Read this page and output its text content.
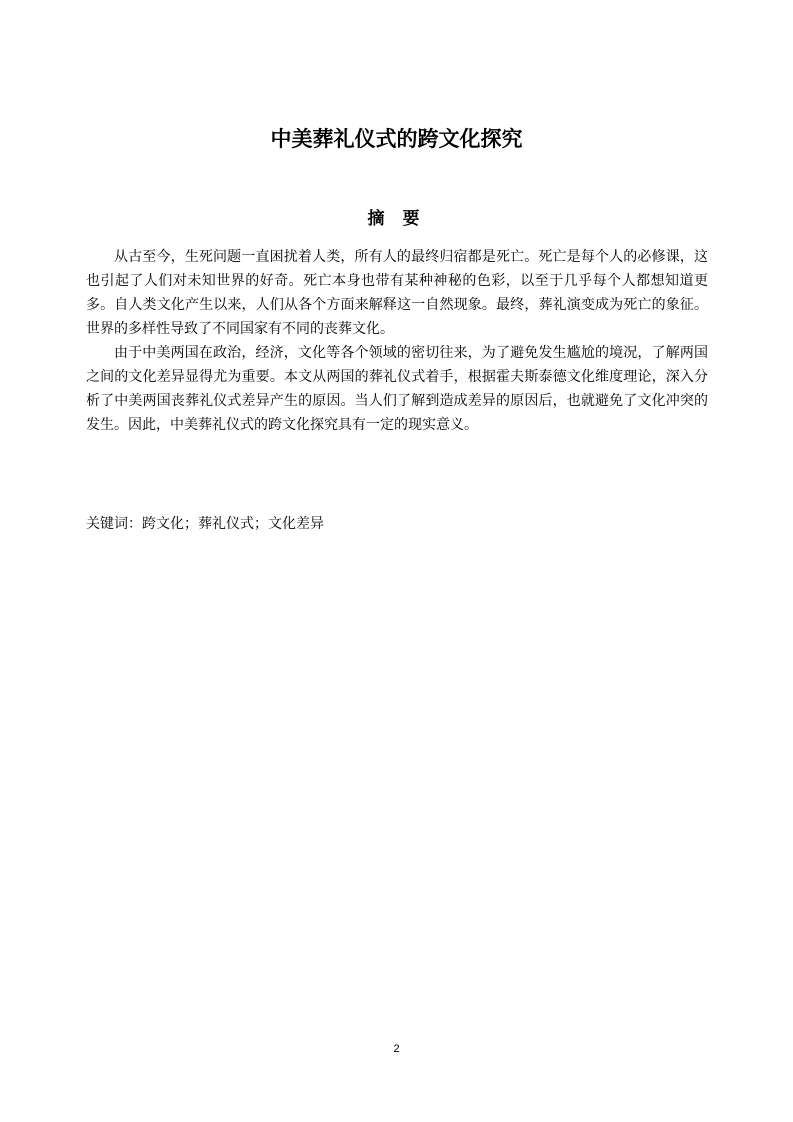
中美葬礼仪式的跨文化探究
摘 要

从古至今，生死问题一直困扰着人类，所有人的最终归宿都是死亡。死亡是每个人的必修课，这也引起了人们对未知世界的好奇。死亡本身也带有某种神秘的色彩，以至于几乎每个人都想知道更多。自人类文化产生以来，人们从各个方面来解释这一自然现象。最终，葬礼演变成为死亡的象征。世界的多样性导致了不同国家有不同的丧葬文化。

由于中美两国在政治，经济，文化等各个领域的密切往来，为了避免发生尴尬的境况，了解两国之间的文化差异显得尤为重要。本文从两国的葬礼仪式着手，根据霍夫斯泰德文化维度理论，深入分析了中美两国丧葬礼仪式差异产生的原因。当人们了解到造成差异的原因后，也就避免了文化冲突的发生。因此，中美葬礼仪式的跨文化探究具有一定的现实意义。

关键词：跨文化；葬礼仪式；文化差异
2
